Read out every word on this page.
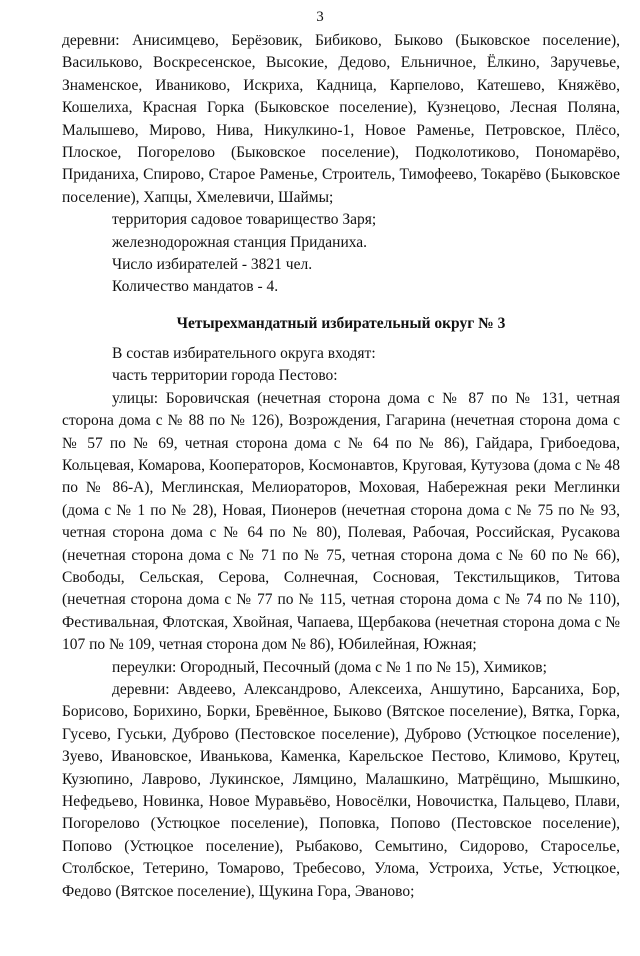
3

деревни: Анисимцево, Берёзовик, Бибиково, Быково (Быковское поселение), Васильково, Воскресенское, Высокие, Дедово, Ельничное, Ёлкино, Заручевье, Знаменское, Иваниково, Искриха, Кадница, Карпелово, Катешево, Княжёво, Кошелиха, Красная Горка (Быковское поселение), Кузнецово, Лесная Поляна, Малышево, Мирово, Нива, Никулкино-1, Новое Раменье, Петровское, Плёсо, Плоское, Погорелово (Быковское поселение), Подколотиково, Пономарёво, Приданиха, Спирово, Старое Раменье, Строитель, Тимофеево, Токарёво (Быковское поселение), Хапцы, Хмелевичи, Шаймы;

территория садовое товарищество Заря;

железнодорожная станция Приданиха.

Число избирателей - 3821 чел.

Количество мандатов - 4.

Четырехмандатный избирательный округ № 3

В состав избирательного округа входят:

часть территории города Пестово:

улицы: Боровичская (нечетная сторона дома с № 87 по № 131, четная сторона дома с № 88 по № 126), Возрождения, Гагарина (нечетная сторона дома с № 57 по № 69, четная сторона дома с № 64 по № 86), Гайдара, Грибоедова, Кольцевая, Комарова, Кооператоров, Космонавтов, Круговая, Кутузова (дома с № 48 по № 86-А), Меглинская, Мелиораторов, Моховая, Набережная реки Меглинки (дома с № 1 по № 28), Новая, Пионеров (нечетная сторона дома с № 75 по № 93, четная сторона дома с № 64 по № 80), Полевая, Рабочая, Российская, Русакова (нечетная сторона дома с № 71 по № 75, четная сторона дома с № 60 по № 66), Свободы, Сельская, Серова, Солнечная, Сосновая, Текстильщиков, Титова (нечетная сторона дома с № 77 по № 115, четная сторона дома с № 74 по № 110), Фестивальная, Флотская, Хвойная, Чапаева, Щербакова (нечетная сторона дома с № 107 по № 109, четная сторона дом № 86), Юбилейная, Южная;

переулки: Огородный, Песочный (дома с № 1 по № 15), Химиков;

деревни: Авдеево, Александрово, Алексеиха, Аншутино, Барсаниха, Бор, Борисово, Борихино, Борки, Бревённое, Быково (Вятское поселение), Вятка, Горка, Гусево, Гуськи, Дуброво (Пестовское поселение), Дуброво (Устюцкое поселение), Зуево, Ивановское, Иванькова, Каменка, Карельское Пестово, Климово, Крутец, Кузюпино, Лаврово, Лукинское, Лямцино, Малашкино, Матрёщино, Мышкино, Нефедьево, Новинка, Новое Муравьёво, Новосёлки, Новочистка, Пальцево, Плави, Погорелово (Устюцкое поселение), Поповка, Попово (Пестовское поселение), Попово (Устюцкое поселение), Рыбаково, Семытино, Сидорово, Староселье, Столбское, Тетерино, Томарово, Требесово, Улома, Устроиха, Устье, Устюцкое, Федово (Вятское поселение), Щукина Гора, Эваново;
